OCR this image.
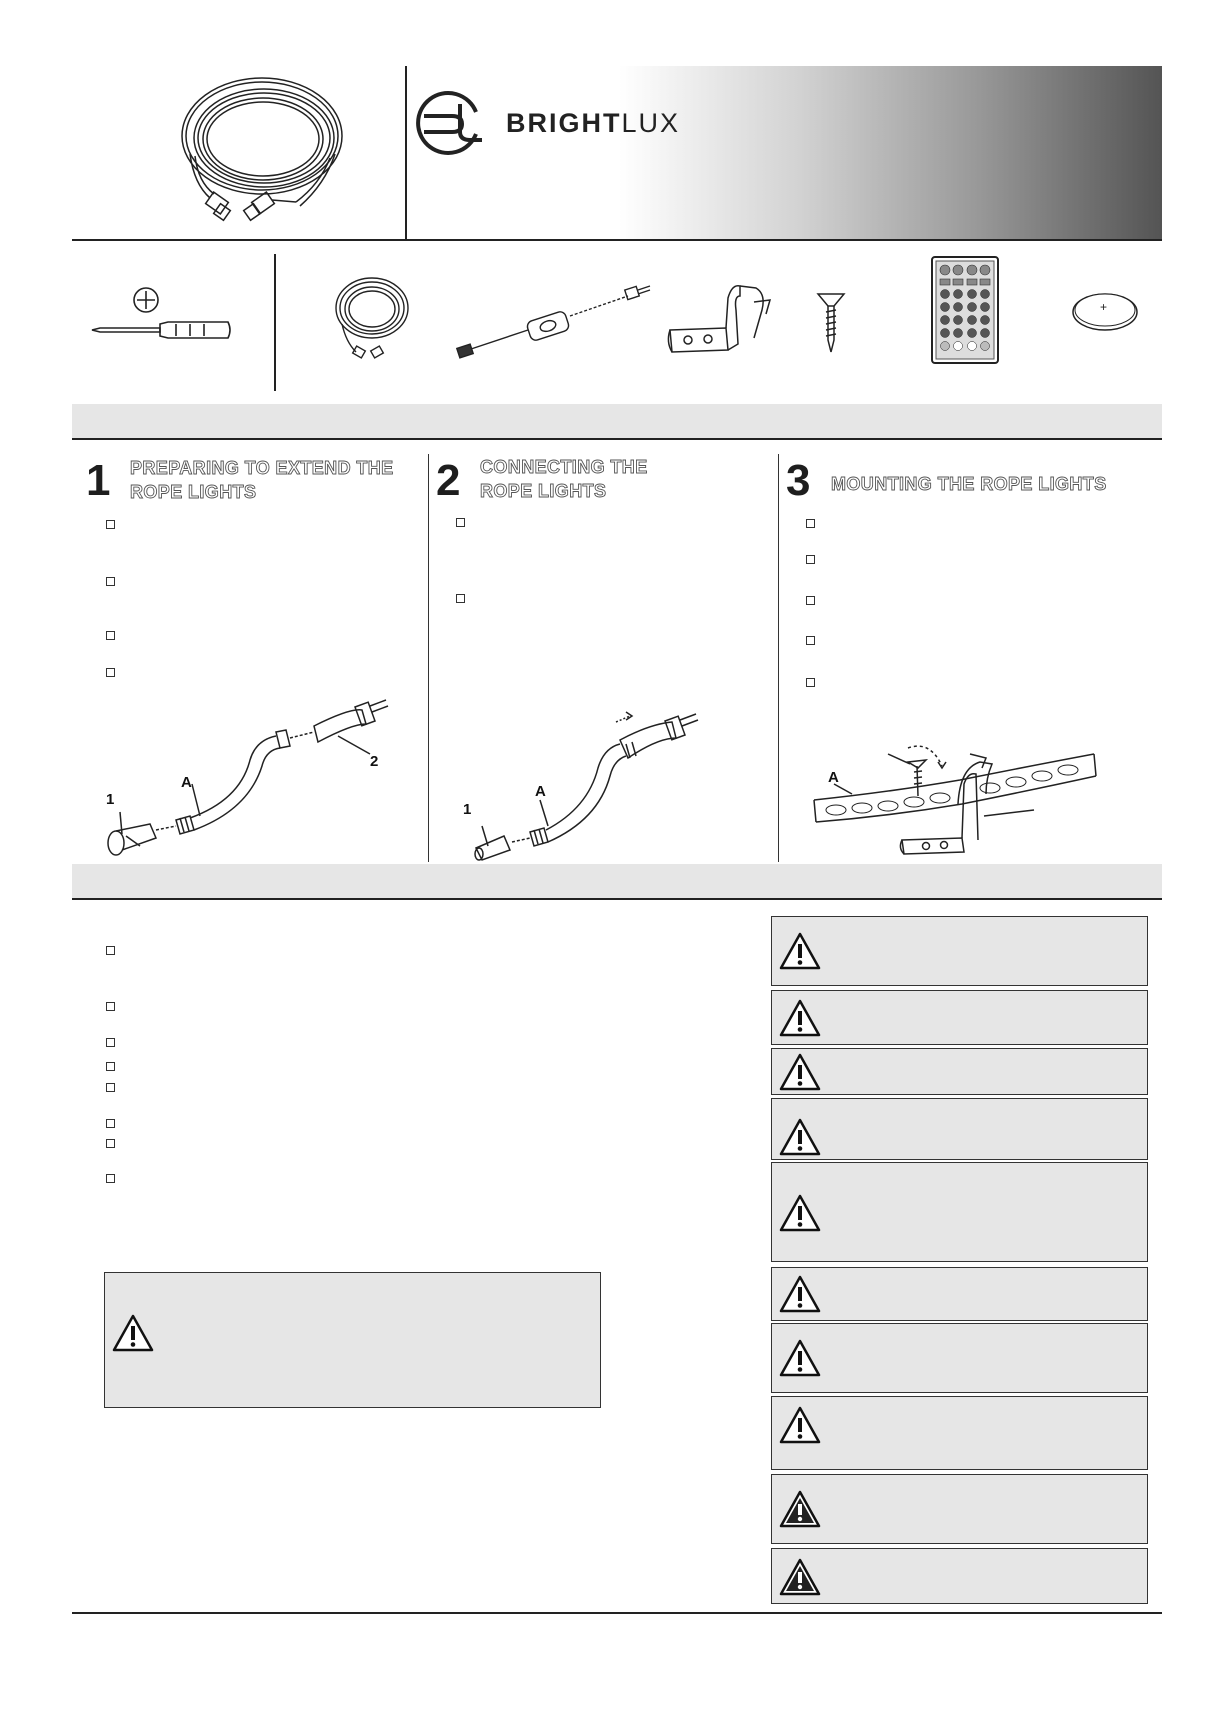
BRIGHTLUX
+
1 PREPARING TO EXTEND THE
ROPE LIGHTS
1
A
2
2 CONNECTING THE
ROPE LIGHTS
1
A
3 MOUNTING THE ROPE LIGHTS
A
